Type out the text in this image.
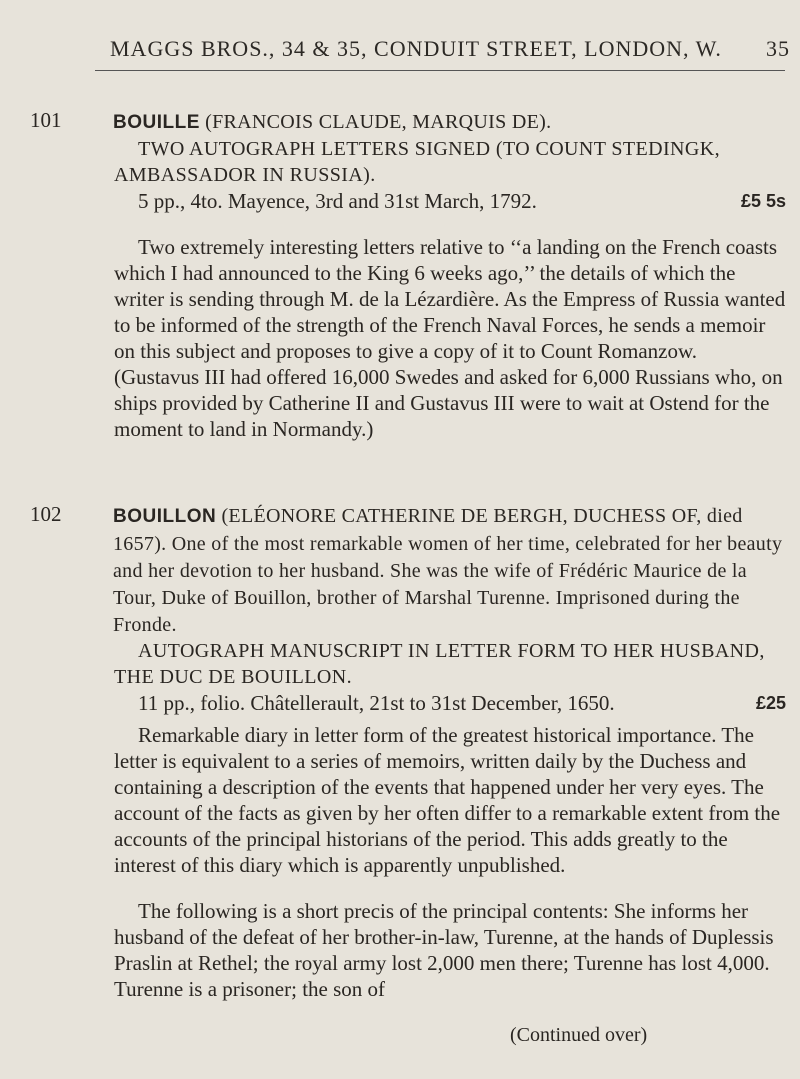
MAGGS BROS., 34 & 35, CONDUIT STREET, LONDON, W. 35
101	BOUILLE (FRANCOIS CLAUDE, MARQUIS DE).

TWO AUTOGRAPH LETTERS SIGNED (TO COUNT STEDINGK, AMBASSADOR IN RUSSIA).

5 pp., 4to. Mayence, 3rd and 31st March, 1792.	£5 5s

Two extremely interesting letters relative to ‘‘a landing on the French coasts which I had announced to the King 6 weeks ago,’’ the details of which the writer is sending through M. de la Lézardière. As the Empress of Russia wanted to be informed of the strength of the French Naval Forces, he sends a memoir on this subject and proposes to give a copy of it to Count Romanzow. (Gustavus III had offered 16,000 Swedes and asked for 6,000 Russians who, on ships provided by Catherine II and Gustavus III were to wait at Ostend for the moment to land in Normandy.)

102	BOUILLON (ELÉONORE CATHERINE DE BERGH, DUCHESS OF, died 1657). One of the most remarkable women of her time, celebrated for her beauty and her devotion to her husband. She was the wife of Frédéric Maurice de la Tour, Duke of Bouillon, brother of Marshal Turenne. Imprisoned during the Fronde.

AUTOGRAPH MANUSCRIPT IN LETTER FORM TO HER HUSBAND, THE DUC DE BOUILLON.

11 pp., folio. Châtellerault, 21st to 31st December, 1650.	£25

Remarkable diary in letter form of the greatest historical importance. The letter is equivalent to a series of memoirs, written daily by the Duchess and containing a description of the events that happened under her very eyes. The account of the facts as given by her often differ to a remarkable extent from the accounts of the principal historians of the period. This adds greatly to the interest of this diary which is apparently unpublished.

The following is a short precis of the principal contents: She informs her husband of the defeat of her brother-in-law, Turenne, at the hands of Duplessis Praslin at Rethel; the royal army lost 2,000 men there; Turenne has lost 4,000. Turenne is a prisoner; the son of

(Continued over)
